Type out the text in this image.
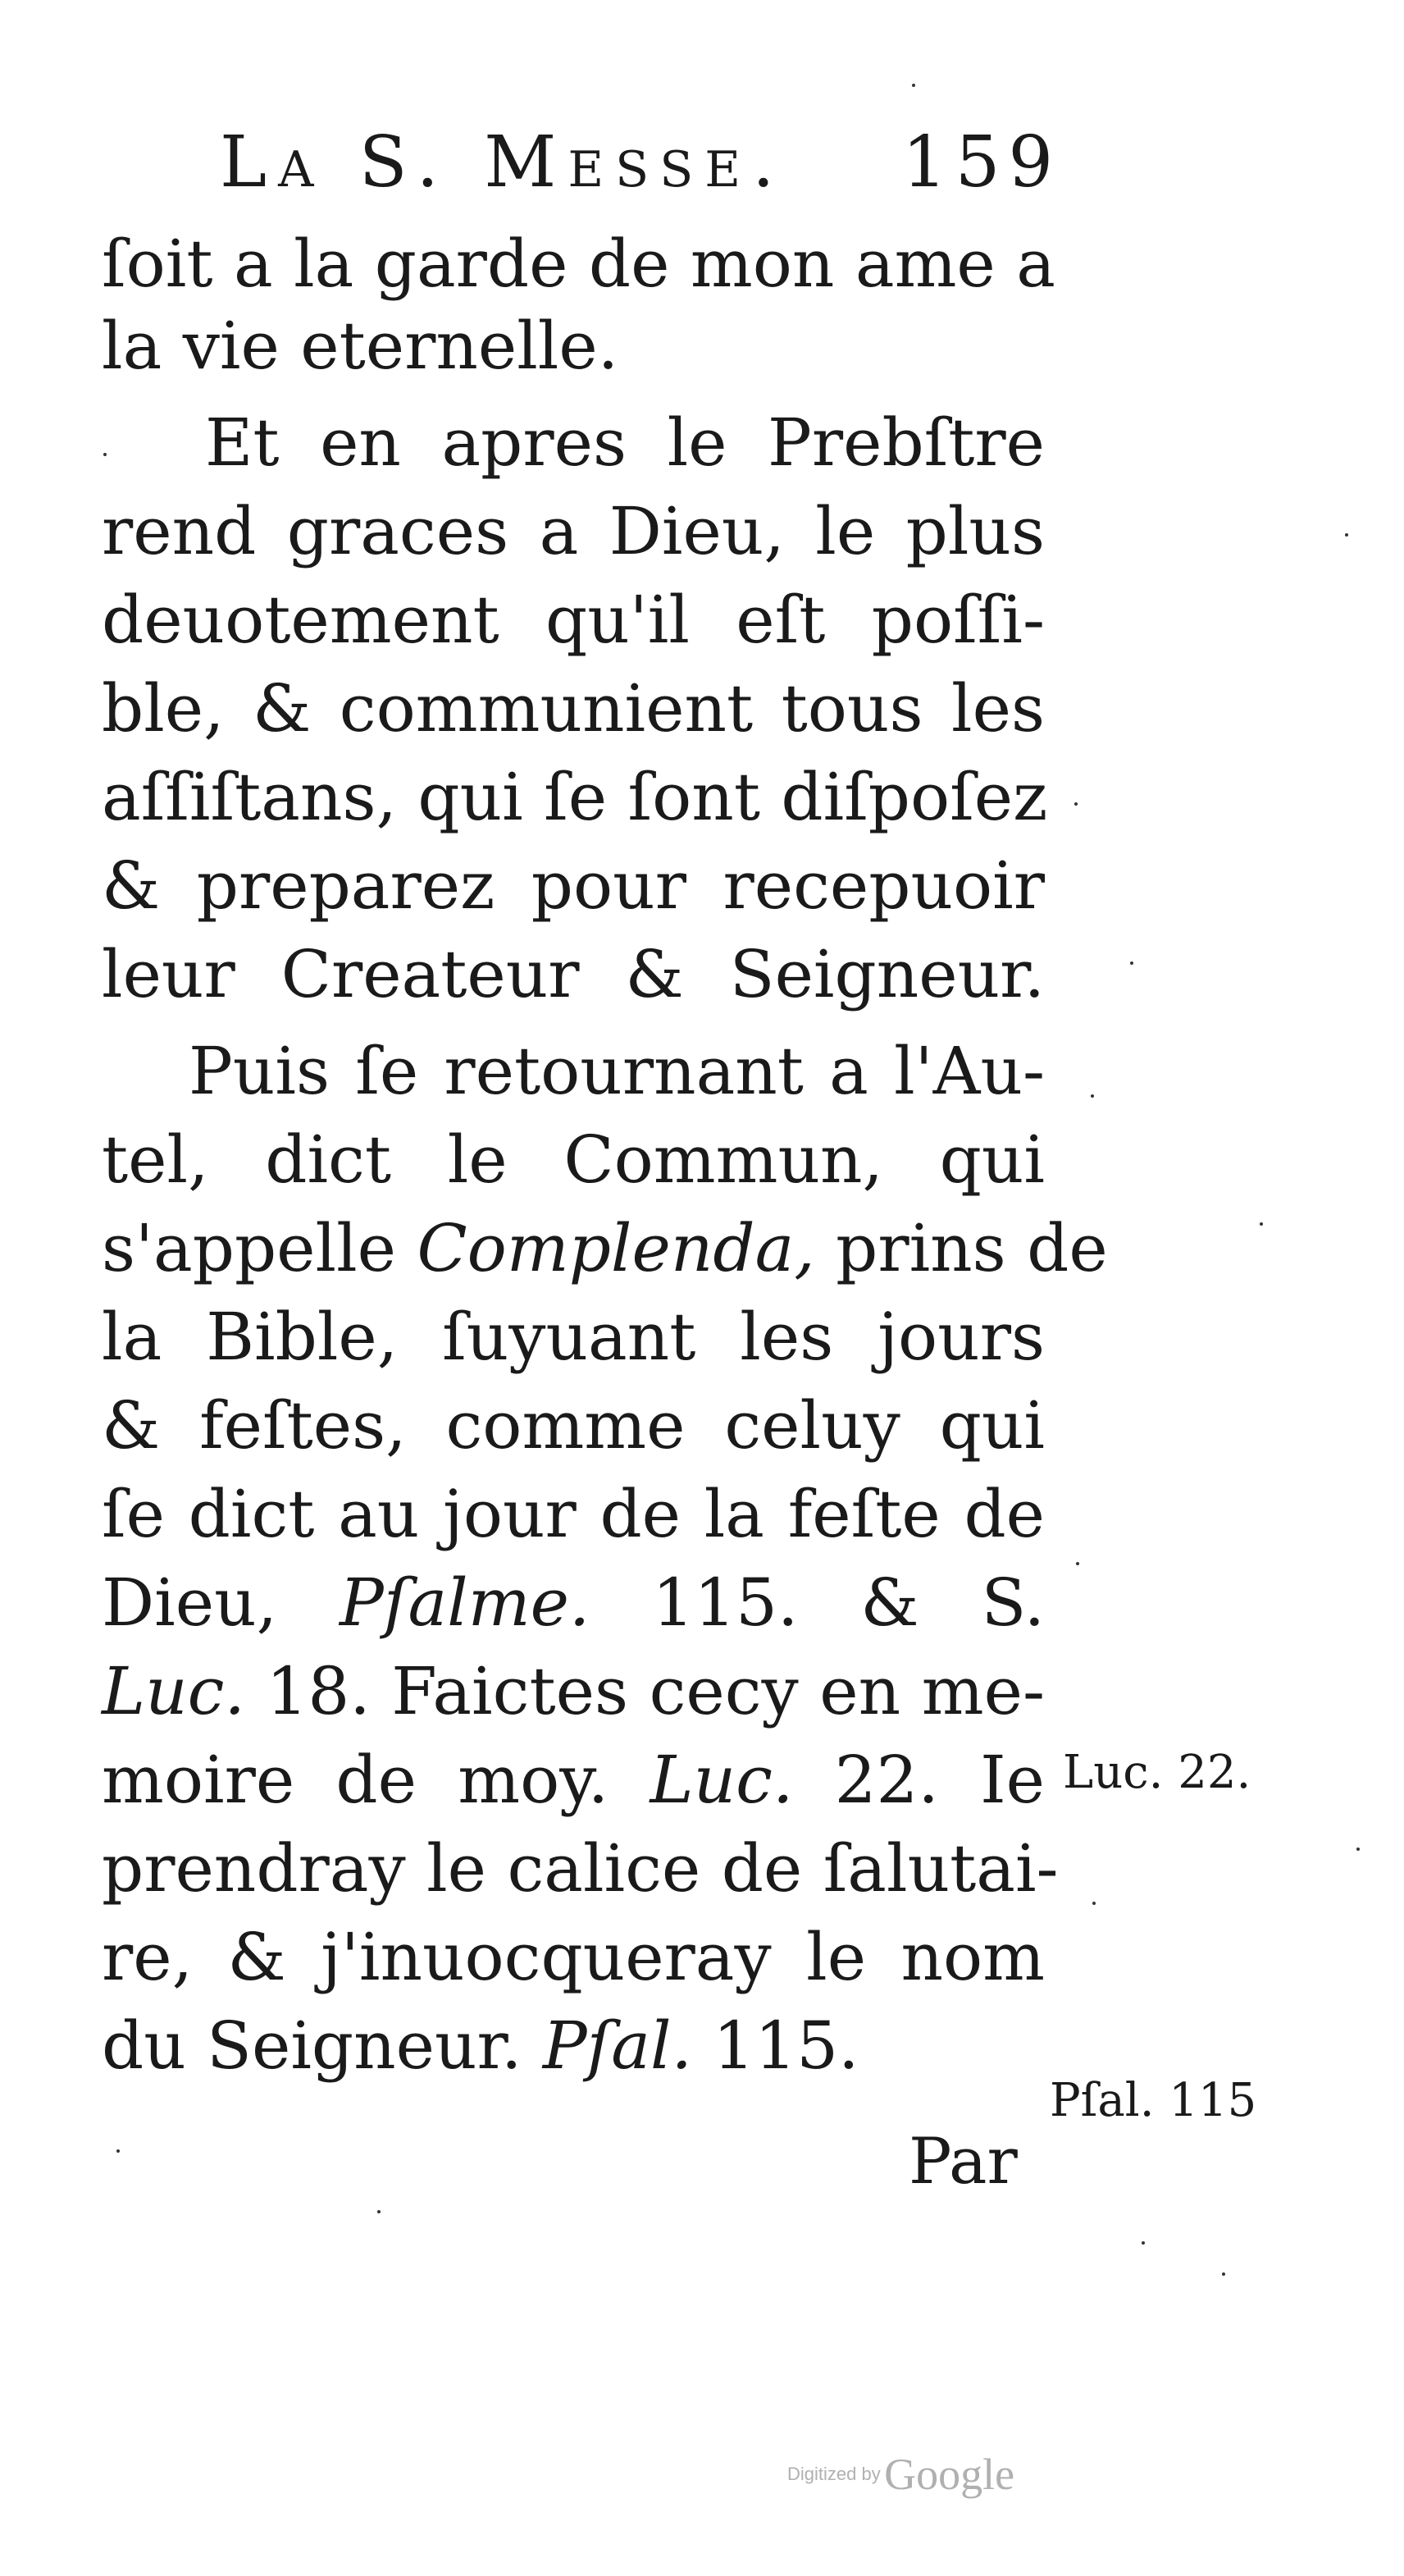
La S. Messe.	159
ſoit a la garde de mon ame a
la vie eternelle.
Et en apres le Prebſtre
rend graces a Dieu, le plus
deuotement qu'il eſt poſſi-
ble, & communient tous les
aſſiſtans, qui ſe ſont diſpoſez
& preparez pour recepuoir
leur Createur & Seigneur.
Puis ſe retournant a l'Au-
tel, dict le Commun, qui
s'appelle Complenda, prins de
la Bible, ſuyuant les jours
& feſtes, comme celuy qui
ſe dict au jour de la feſte de
Dieu, Pſalme. 115. & S.
Luc. 18. Faictes cecy en me-
moire de moy. Luc. 22. Ie
prendray le calice de ſalutai-
re, & j'inuocqueray le nom
du Seigneur. Pſal. 115.
Luc. 22.
Pſal. 115
Par
Digitized by Google
